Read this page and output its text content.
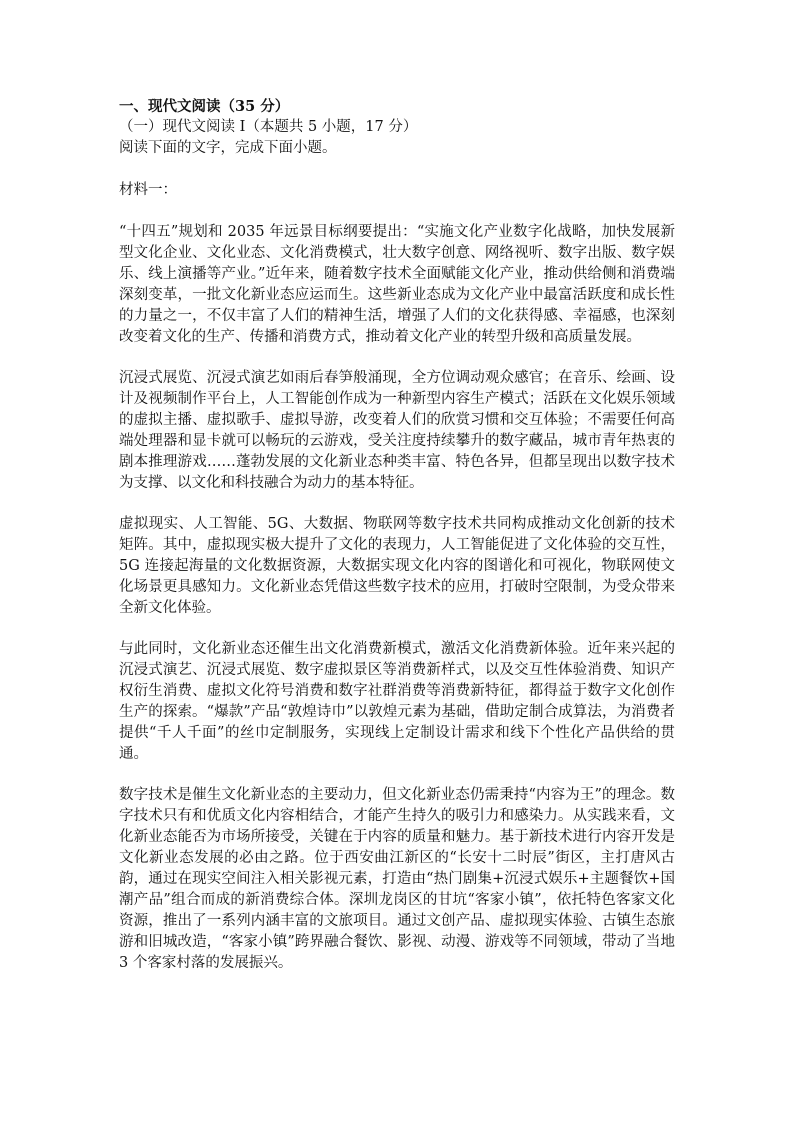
一、现代文阅读（35 分）
（一）现代文阅读 I（本题共 5 小题，17 分）
阅读下面的文字，完成下面小题。
材料一：

“十四五”规划和 2035 年远景目标纲要提出：“实施文化产业数字化战略，加快发展新型文化企业、文化业态、文化消费模式，壮大数字创意、网络视听、数字出版、数字娱乐、线上演播等产业。”近年来，随着数字技术全面赋能文化产业，推动供给侧和消费端深刻变革，一批文化新业态应运而生。这些新业态成为文化产业中最富活跃度和成长性的力量之一，不仅丰富了人们的精神生活，增强了人们的文化获得感、幸福感，也深刻改变着文化的生产、传播和消费方式，推动着文化产业的转型升级和高质量发展。

沉浸式展览、沉浸式演艺如雨后春笋般涌现，全方位调动观众感官；在音乐、绘画、设计及视频制作平台上，人工智能创作成为一种新型内容生产模式；活跃在文化娱乐领域的虚拟主播、虚拟歌手、虚拟导游，改变着人们的欣赏习惯和交互体验；不需要任何高端处理器和显卡就可以畅玩的云游戏，受关注度持续攀升的数字藏品，城市青年热衷的剧本推理游戏……蓬勃发展的文化新业态种类丰富、特色各异，但都呈现出以数字技术为支撑、以文化和科技融合为动力的基本特征。

虚拟现实、人工智能、5G、大数据、物联网等数字技术共同构成推动文化创新的技术矩阵。其中，虚拟现实极大提升了文化的表现力，人工智能促进了文化体验的交互性，5G 连接起海量的文化数据资源，大数据实现文化内容的图谱化和可视化，物联网使文化场景更具感知力。文化新业态凭借这些数字技术的应用，打破时空限制，为受众带来全新文化体验。

与此同时，文化新业态还催生出文化消费新模式，激活文化消费新体验。近年来兴起的沉浸式演艺、沉浸式展览、数字虚拟景区等消费新样式，以及交互性体验消费、知识产权衍生消费、虚拟文化符号消费和数字社群消费等消费新特征，都得益于数字文化创作生产的探索。“爆款”产品“敦煌诗巾”以敦煌元素为基础，借助定制合成算法，为消费者提供“千人千面”的丝巾定制服务，实现线上定制设计需求和线下个性化产品供给的贯通。

数字技术是催生文化新业态的主要动力，但文化新业态仍需秉持“内容为王”的理念。数字技术只有和优质文化内容相结合，才能产生持久的吸引力和感染力。从实践来看，文化新业态能否为市场所接受，关键在于内容的质量和魅力。基于新技术进行内容开发是文化新业态发展的必由之路。位于西安曲江新区的“长安十二时辰”街区，主打唐风古韵，通过在现实空间注入相关影视元素，打造由“热门剧集+沉浸式娱乐+主题餐饮+国潮产品”组合而成的新消费综合体。深圳龙岗区的甘坑“客家小镇”，依托特色客家文化资源，推出了一系列内涵丰富的文旅项目。通过文创产品、虚拟现实体验、古镇生态旅游和旧城改造，“客家小镇”跨界融合餐饮、影视、动漫、游戏等不同领域，带动了当地 3 个客家村落的发展振兴。
